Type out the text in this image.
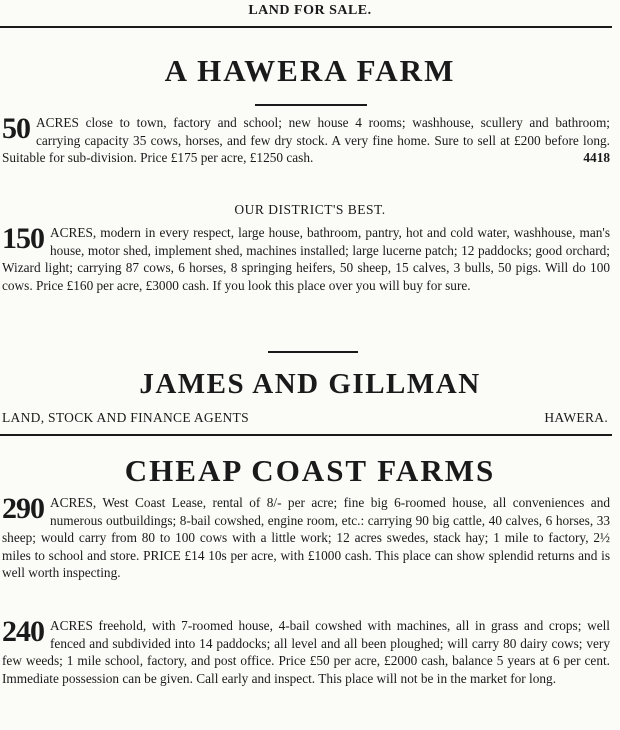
LAND FOR SALE.
A HAWERA FARM
50 ACRES close to town, factory and school; new house 4 rooms; washhouse, scullery and bathroom; carrying capacity 35 cows, horses, and few dry stock. A very fine home. Sure to sell at £200 before long. Suitable for sub-division. Price £175 per acre, £1250 cash.	4418
OUR DISTRICT'S BEST.
150 ACRES, modern in every respect, large house, bathroom, pantry, hot and cold water, washhouse, man's house, motor shed, implement shed, machines installed; large lucerne patch; 12 paddocks; good orchard; Wizard light; carrying 87 cows, 6 horses, 8 springing heifers, 50 sheep, 15 calves, 3 bulls, 50 pigs. Will do 100 cows. Price £160 per acre, £3000 cash. If you look this place over you will buy for sure.
JAMES AND GILLMAN
LAND, STOCK AND FINANCE AGENTS	HAWERA.
CHEAP COAST FARMS
290 ACRES, West Coast Lease, rental of 8/- per acre; fine big 6-roomed house, all conveniences and numerous outbuildings; 8-bail cowshed, engine room, etc.: carrying 90 big cattle, 40 calves, 6 horses, 33 sheep; would carry from 80 to 100 cows with a little work; 12 acres swedes, stack hay; 1 mile to factory, 2½ miles to school and store. PRICE £14 10s per acre, with £1000 cash. This place can show splendid returns and is well worth inspecting.
240 ACRES freehold, with 7-roomed house, 4-bail cowshed with machines, all in grass and crops; well fenced and subdivided into 14 paddocks; all level and all been ploughed; will carry 80 dairy cows; very few weeds; 1 mile school, factory, and post office. Price £50 per acre, £2000 cash, balance 5 years at 6 per cent. Immediate possession can be given. Call early and inspect. This place will not be in the market for long.
